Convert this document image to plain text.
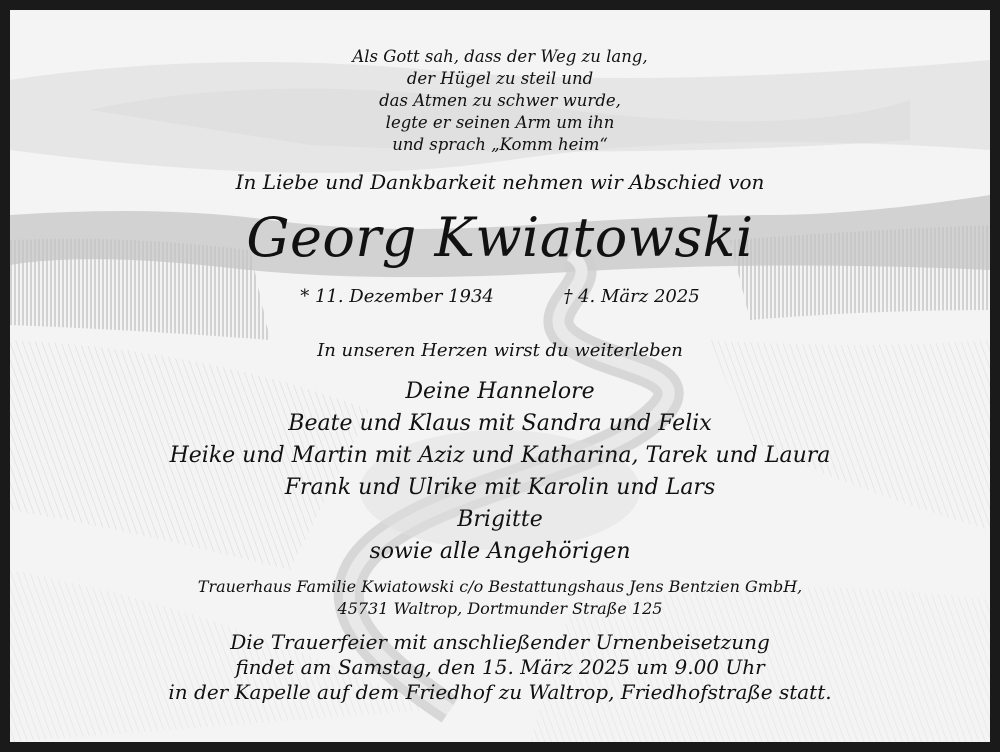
Als Gott sah, dass der Weg zu lang,
der Hügel zu steil und
das Atmen zu schwer wurde,
legte er seinen Arm um ihn
und sprach „Komm heim“
In Liebe und Dankbarkeit nehmen wir Abschied von
Georg Kwiatowski
* 11. Dezember 1934	† 4. März 2025
In unseren Herzen wirst du weiterleben
Deine Hannelore
Beate und Klaus mit Sandra und Felix
Heike und Martin mit Aziz und Katharina, Tarek und Laura
Frank und Ulrike mit Karolin und Lars
Brigitte
sowie alle Angehörigen
Trauerhaus Familie Kwiatowski c/o Bestattungshaus Jens Bentzien GmbH,
45731 Waltrop, Dortmunder Straße 125
Die Trauerfeier mit anschließender Urnenbeisetzung
findet am Samstag, den 15. März 2025 um 9.00 Uhr
in der Kapelle auf dem Friedhof zu Waltrop, Friedhofstraße statt.
